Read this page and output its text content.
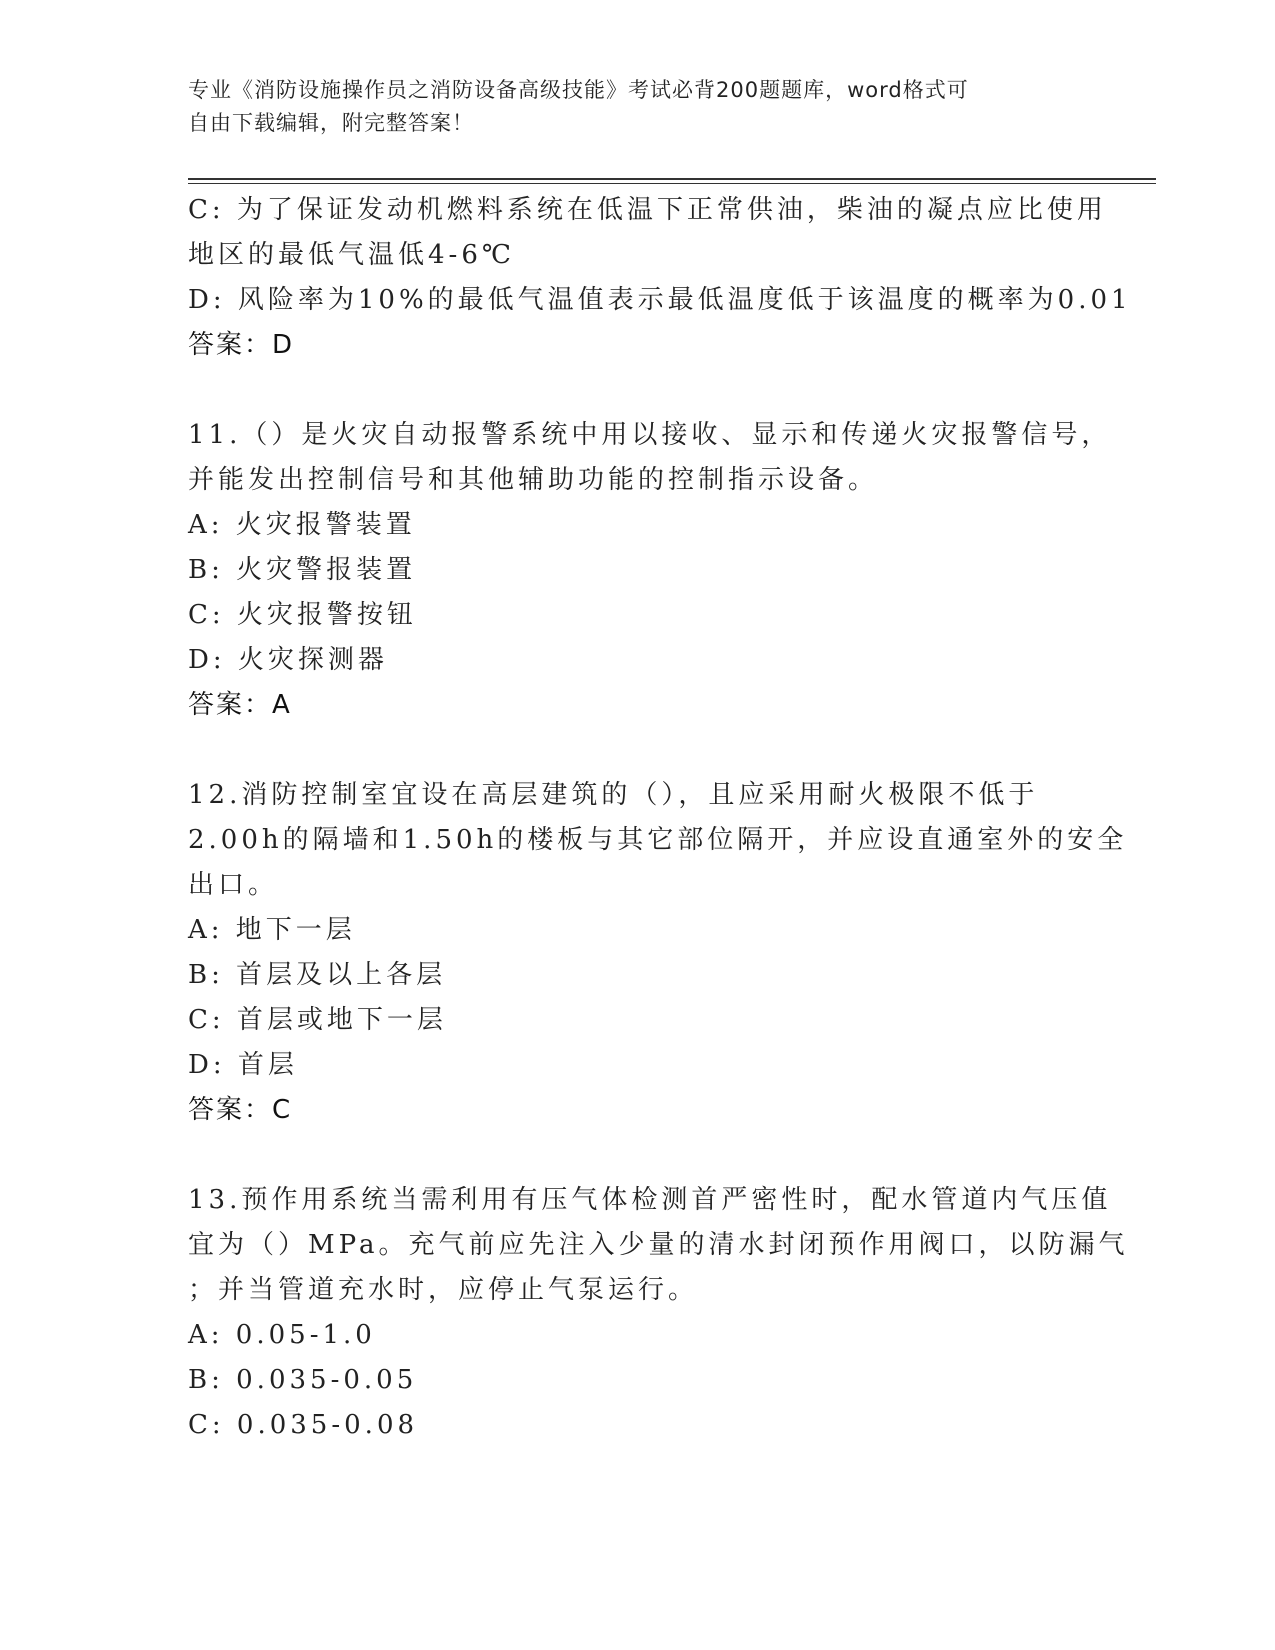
专业《消防设施操作员之消防设备高级技能》考试必背200题题库，word格式可
自由下载编辑，附完整答案！
C: 为了保证发动机燃料系统在低温下正常供油，柴油的凝点应比使用
地区的最低气温低4-6℃
D: 风险率为10%的最低气温值表示最低温度低于该温度的概率为0.01
答案：D
11.（）是火灾自动报警系统中用以接收、显示和传递火灾报警信号，
并能发出控制信号和其他辅助功能的控制指示设备。
A: 火灾报警装置
B: 火灾警报装置
C: 火灾报警按钮
D: 火灾探测器
答案：A
12.消防控制室宜设在高层建筑的（），且应采用耐火极限不低于
2.00h的隔墙和1.50h的楼板与其它部位隔开，并应设直通室外的安全
出口。
A: 地下一层
B: 首层及以上各层
C: 首层或地下一层
D: 首层
答案：C
13.预作用系统当需利用有压气体检测首严密性时，配水管道内气压值
宜为（）MPa。充气前应先注入少量的清水封闭预作用阀口，以防漏气
；并当管道充水时，应停止气泵运行。
A: 0.05-1.0
B: 0.035-0.05
C: 0.035-0.08
